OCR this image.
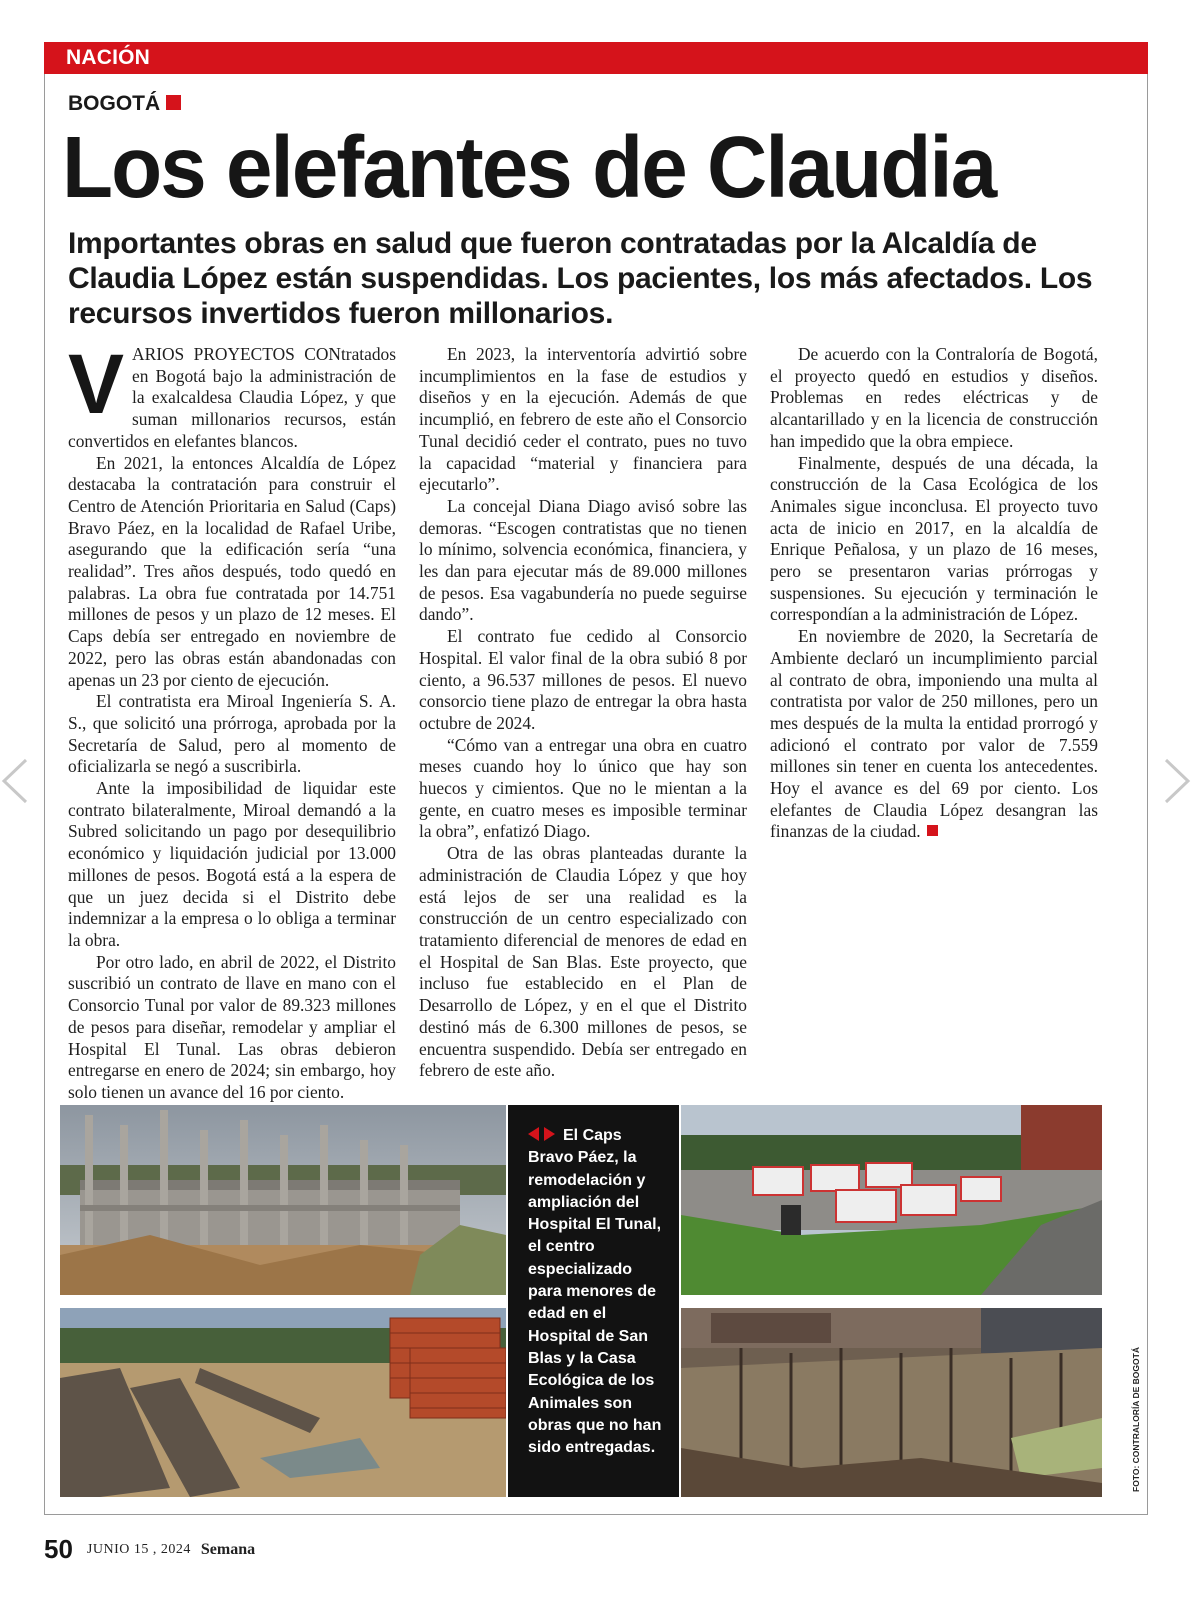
NACIÓN
BOGOTÁ
Los elefantes de Claudia
Importantes obras en salud que fueron contratadas por la Alcaldía de Claudia López están suspendidas. Los pacientes, los más afectados. Los recursos invertidos fueron millonarios.

VARIOS PROYECTOS CONtratados en Bogotá bajo la administración de la exalcaldesa Claudia López, y que suman millonarios recursos, están convertidos en elefantes blancos.

En 2021, la entonces Alcaldía de López destacaba la contratación para construir el Centro de Atención Prioritaria en Salud (Caps) Bravo Páez, en la localidad de Rafael Uribe, asegurando que la edificación sería “una realidad”. Tres años después, todo quedó en palabras. La obra fue contratada por 14.751 millones de pesos y un plazo de 12 meses. El Caps debía ser entregado en noviembre de 2022, pero las obras están abandonadas con apenas un 23 por ciento de ejecución.

El contratista era Miroal Ingeniería S. A. S., que solicitó una prórroga, aprobada por la Secretaría de Salud, pero al momento de oficializarla se negó a suscribirla.

Ante la imposibilidad de liquidar este contrato bilateralmente, Miroal demandó a la Subred solicitando un pago por desequilibrio económico y liquidación judicial por 13.000 millones de pesos. Bogotá está a la espera de que un juez decida si el Distrito debe indemnizar a la empresa o lo obliga a terminar la obra.

Por otro lado, en abril de 2022, el Distrito suscribió un contrato de llave en mano con el Consorcio Tunal por valor de 89.323 millones de pesos para diseñar, remodelar y ampliar el Hospital El Tunal. Las obras debieron entregarse en enero de 2024; sin embargo, hoy solo tienen un avance del 16 por ciento.

En 2023, la interventoría advirtió sobre incumplimientos en la fase de estudios y diseños y en la ejecución. Además de que incumplió, en febrero de este año el Consorcio Tunal decidió ceder el contrato, pues no tuvo la capacidad “material y financiera para ejecutarlo”.

La concejal Diana Diago avisó sobre las demoras. “Escogen contratistas que no tienen lo mínimo, solvencia económica, financiera, y les dan para ejecutar más de 89.000 millones de pesos. Esa vagabundería no puede seguirse dando”.

El contrato fue cedido al Consorcio Hospital. El valor final de la obra subió 8 por ciento, a 96.537 millones de pesos. El nuevo consorcio tiene plazo de entregar la obra hasta octubre de 2024.

“Cómo van a entregar una obra en cuatro meses cuando hoy lo único que hay son huecos y cimientos. Que no le mientan a la gente, en cuatro meses es imposible terminar la obra”, enfatizó Diago.

Otra de las obras planteadas durante la administración de Claudia López y que hoy está lejos de ser una realidad es la construcción de un centro especializado con tratamiento diferencial de menores de edad en el Hospital de San Blas. Este proyecto, que incluso fue establecido en el Plan de Desarrollo de López, y en el que el Distrito destinó más de 6.300 millones de pesos, se encuentra suspendido. Debía ser entregado en febrero de este año.

De acuerdo con la Contraloría de Bogotá, el proyecto quedó en estudios y diseños. Problemas en redes eléctricas y de alcantarillado y en la licencia de construcción han impedido que la obra empiece.

Finalmente, después de una década, la construcción de la Casa Ecológica de los Animales sigue inconclusa. El proyecto tuvo acta de inicio en 2017, en la alcaldía de Enrique Peñalosa, y un plazo de 16 meses, pero se presentaron varias prórrogas y suspensiones. Su ejecución y terminación le correspondían a la administración de López.

En noviembre de 2020, la Secretaría de Ambiente declaró un incumplimiento parcial al contrato de obra, imponiendo una multa al contratista por valor de 250 millones, pero un mes después de la multa la entidad prorrogó y adicionó el contrato por valor de 7.559 millones sin tener en cuenta los antecedentes. Hoy el avance es del 69 por ciento. Los elefantes de Claudia López desangran las finanzas de la ciudad.

El Caps Bravo Páez, la remodelación y ampliación del Hospital El Tunal, el centro especializado para menores de edad en el Hospital de San Blas y la Casa Ecológica de los Animales son obras que no han sido entregadas.	FOTO: CONTRALORÍA DE BOGOTÁ
50 JUNIO 15 , 2024 Semana
